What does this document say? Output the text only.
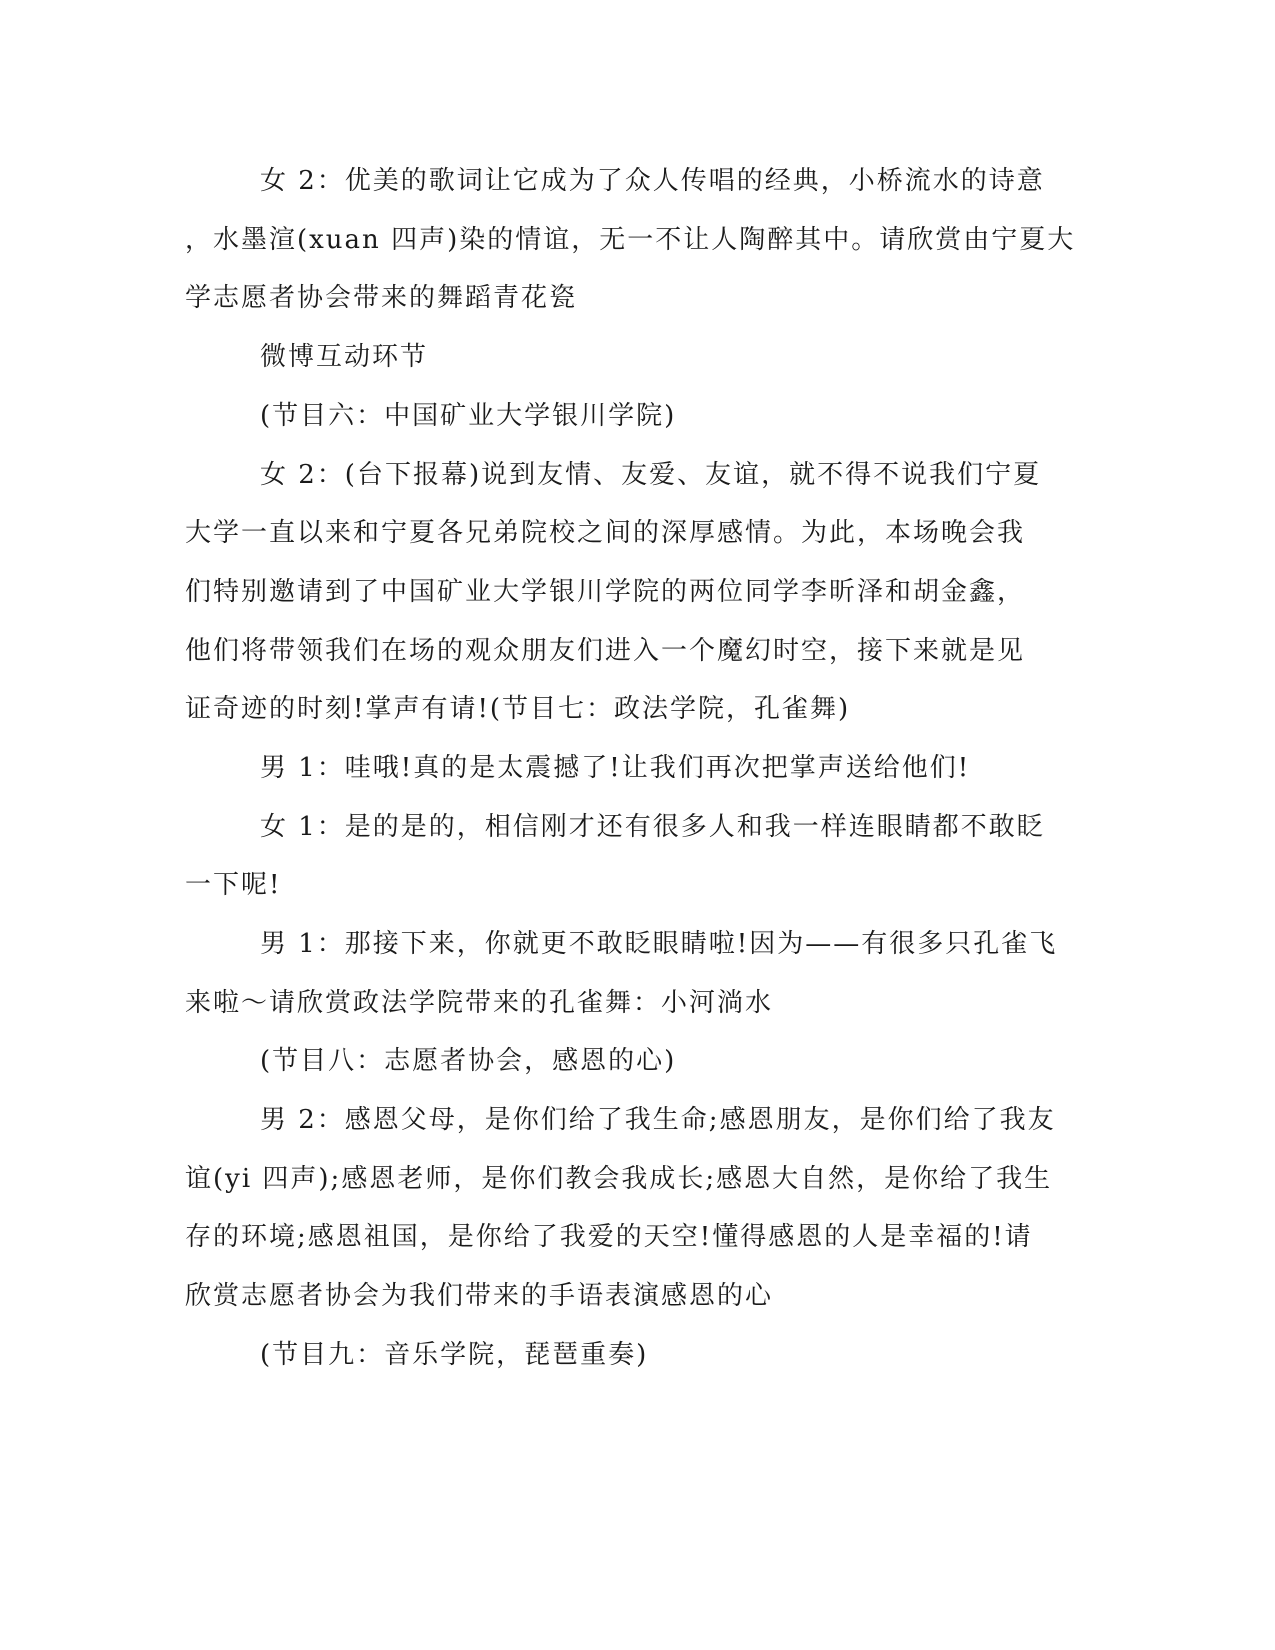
女 2：优美的歌词让它成为了众人传唱的经典，小桥流水的诗意
，水墨渲(xuan 四声)染的情谊，无一不让人陶醉其中。请欣赏由宁夏大
学志愿者协会带来的舞蹈青花瓷
微博互动环节
(节目六：中国矿业大学银川学院)
女 2：(台下报幕)说到友情、友爱、友谊，就不得不说我们宁夏
大学一直以来和宁夏各兄弟院校之间的深厚感情。为此，本场晚会我
们特别邀请到了中国矿业大学银川学院的两位同学李昕泽和胡金鑫，
他们将带领我们在场的观众朋友们进入一个魔幻时空，接下来就是见
证奇迹的时刻!掌声有请!(节目七：政法学院，孔雀舞)
男 1：哇哦!真的是太震撼了!让我们再次把掌声送给他们!
女 1：是的是的，相信刚才还有很多人和我一样连眼睛都不敢眨
一下呢!
男 1：那接下来，你就更不敢眨眼睛啦!因为——有很多只孔雀飞
来啦～请欣赏政法学院带来的孔雀舞：小河淌水
(节目八：志愿者协会，感恩的心)
男 2：感恩父母，是你们给了我生命;感恩朋友，是你们给了我友
谊(yi 四声);感恩老师，是你们教会我成长;感恩大自然，是你给了我生
存的环境;感恩祖国，是你给了我爱的天空!懂得感恩的人是幸福的!请
欣赏志愿者协会为我们带来的手语表演感恩的心
(节目九：音乐学院，琵琶重奏)
